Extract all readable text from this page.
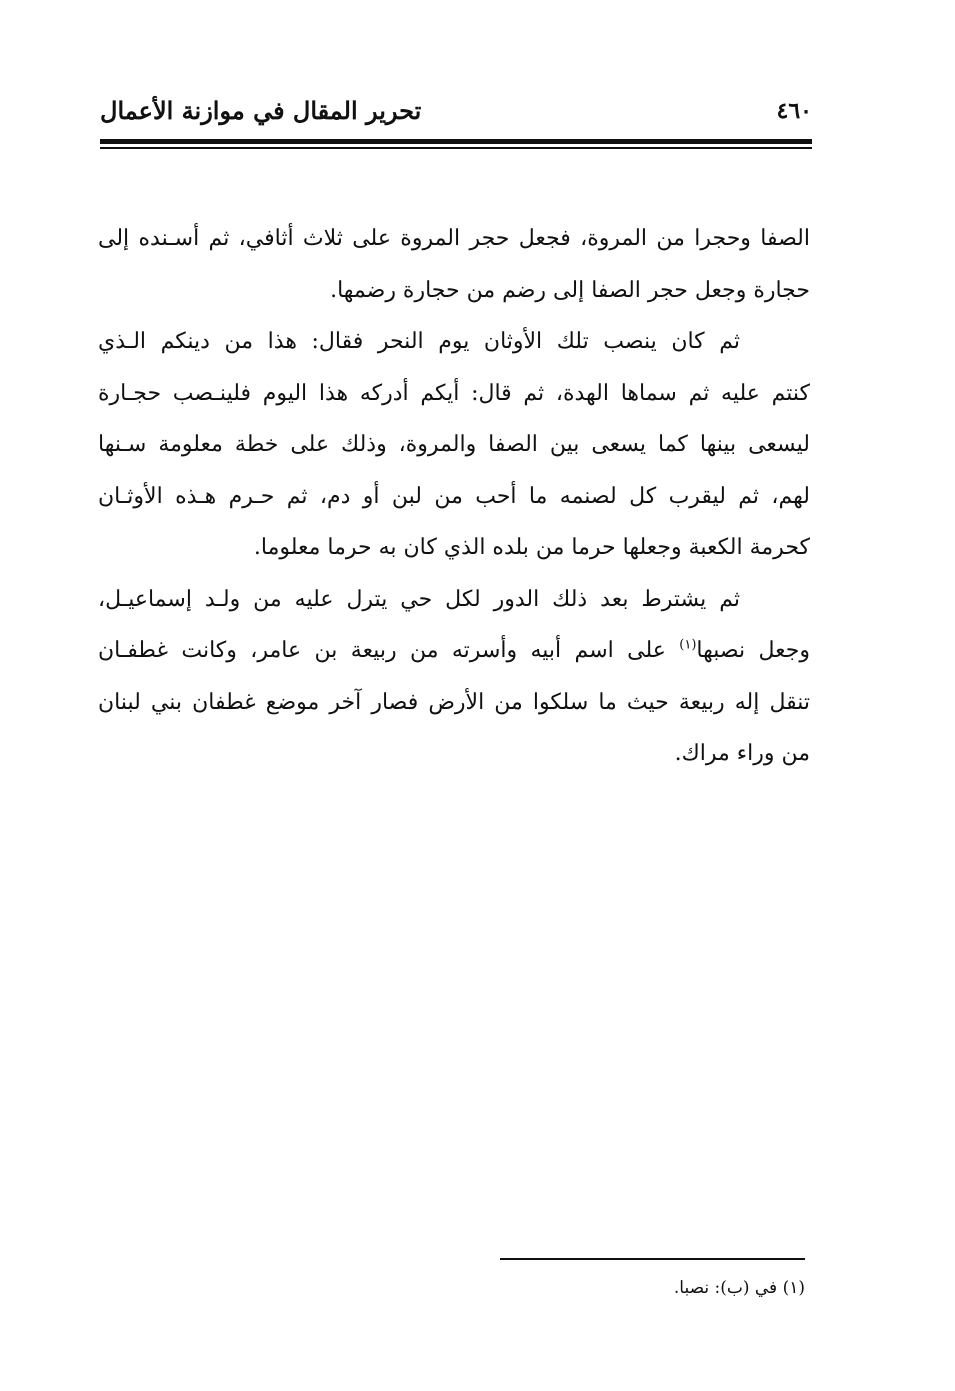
تحرير المقال في موازنة الأعمال	٤٦٠
الصفا وحجرا من المروة، فجعل حجر المروة على ثلاث أثافي، ثم أسـنده إلى
حجارة وجعل حجر الصفا إلى رضم من حجارة رضمها.
ثم كان ينصب تلك الأوثان يوم النحر فقال: هذا من دينكم الـذي
كنتم عليه ثم سماها الهدة، ثم قال: أيكم أدركه هذا اليوم فلينـصب حجـارة
ليسعى بينها كما يسعى بين الصفا والمروة، وذلك على خطة معلومة سـنها
لهم، ثم ليقرب كل لصنمه ما أحب من لبن أو دم، ثم حـرم هـذه الأوثـان
كحرمة الكعبة وجعلها حرما من بلده الذي كان به حرما معلوما.
ثم يشترط بعد ذلك الدور لكل حي يترل عليه من ولـد إسماعيـل،
وجعل نصبها$^{(١)}$ على اسم أبيه وأسرته من ربيعة بن عامر، وكانت غطفـان
تنقل إله ربيعة حيث ما سلكوا من الأرض فصار آخر موضع غطفان بني لبنان
من وراء مراك.
(١) في (ب): نصبا.
